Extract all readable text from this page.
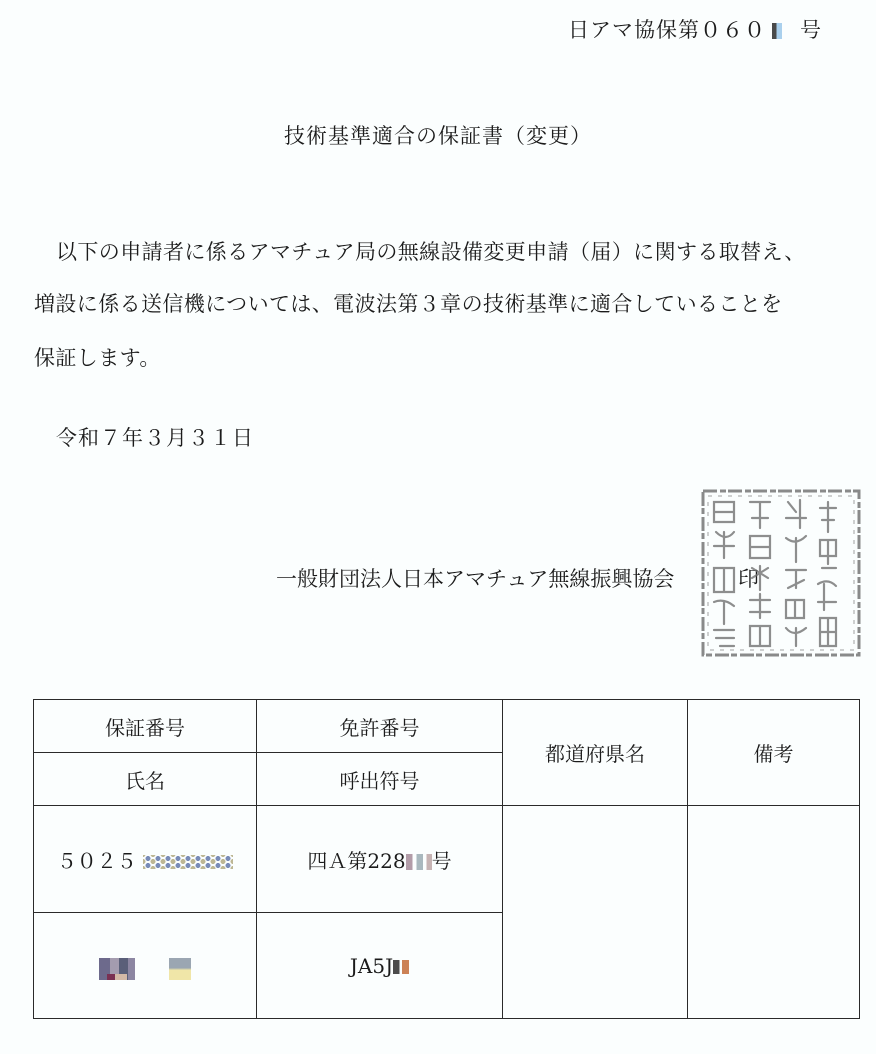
日アマ協保第０６０ 号
技術基準適合の保証書（変更）
以下の申請者に係るアマチュア局の無線設備変更申請（届）に関する取替え、
増設に係る送信機については、電波法第３章の技術基準に適合していることを
保証します。
令和７年３月３１日
一般財団法人日本アマチュア無線振興協会	印
保証番号	免許番号	都道府県名	備考
氏名	呼出符号		
５０２５	四Ａ第228 号		

	JA5J		
